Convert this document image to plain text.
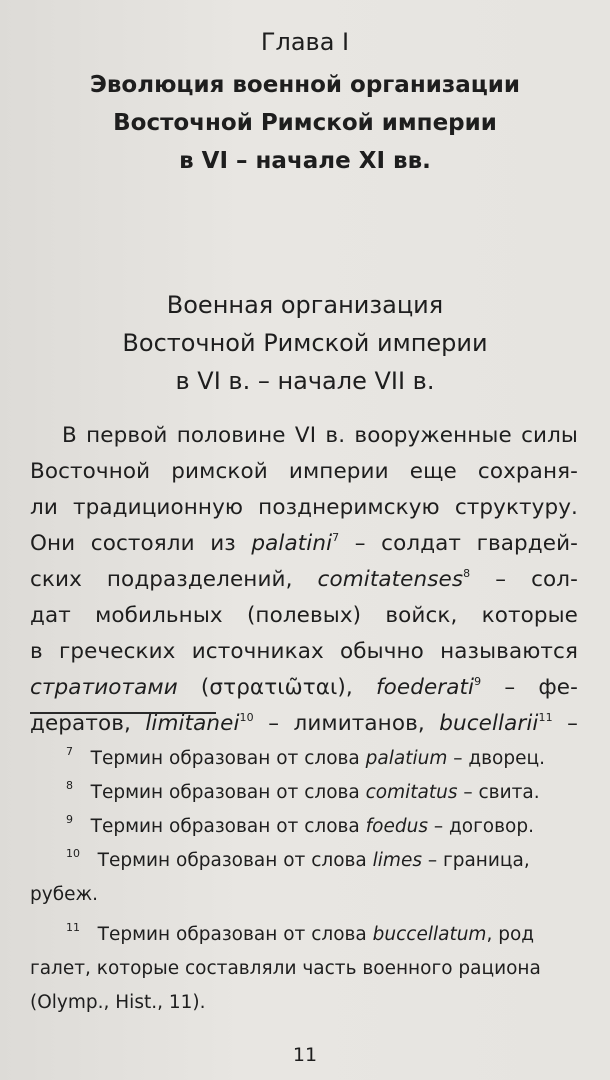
Глава I
Эволюция военной организации
Восточной Римской империи
в VI – начале XI вв.
Военная организация
Восточной Римской империи
в VI в. – начале VII в.
В первой половине VI в. вооруженные силы
Восточной римской империи еще сохраня-
ли традиционную позднеримскую структуру.
Они состояли из palatini$^7$ – солдат гвардей-
ских подразделений, comitatenses$^8$ – сол-
дат мобильных (полевых) войск, которые
в греческих источниках обычно называются
стратиотами (στρατιῶται), foederati$^9$ – фе-
дератов, limitanei$^{10}$ – лимитанов, bucellarii$^{11}$ –
$^7$ Термин образован от слова palatium – дворец.
$^8$ Термин образован от слова comitatus – свита.
$^9$ Термин образован от слова foedus – договор.
$^{10}$ Термин образован от слова limes – граница,
рубеж.
$^{11}$ Термин образован от слова buccellatum, род
галет, которые составляли часть военного рациона
(Olymp., Hist., 11).
11
